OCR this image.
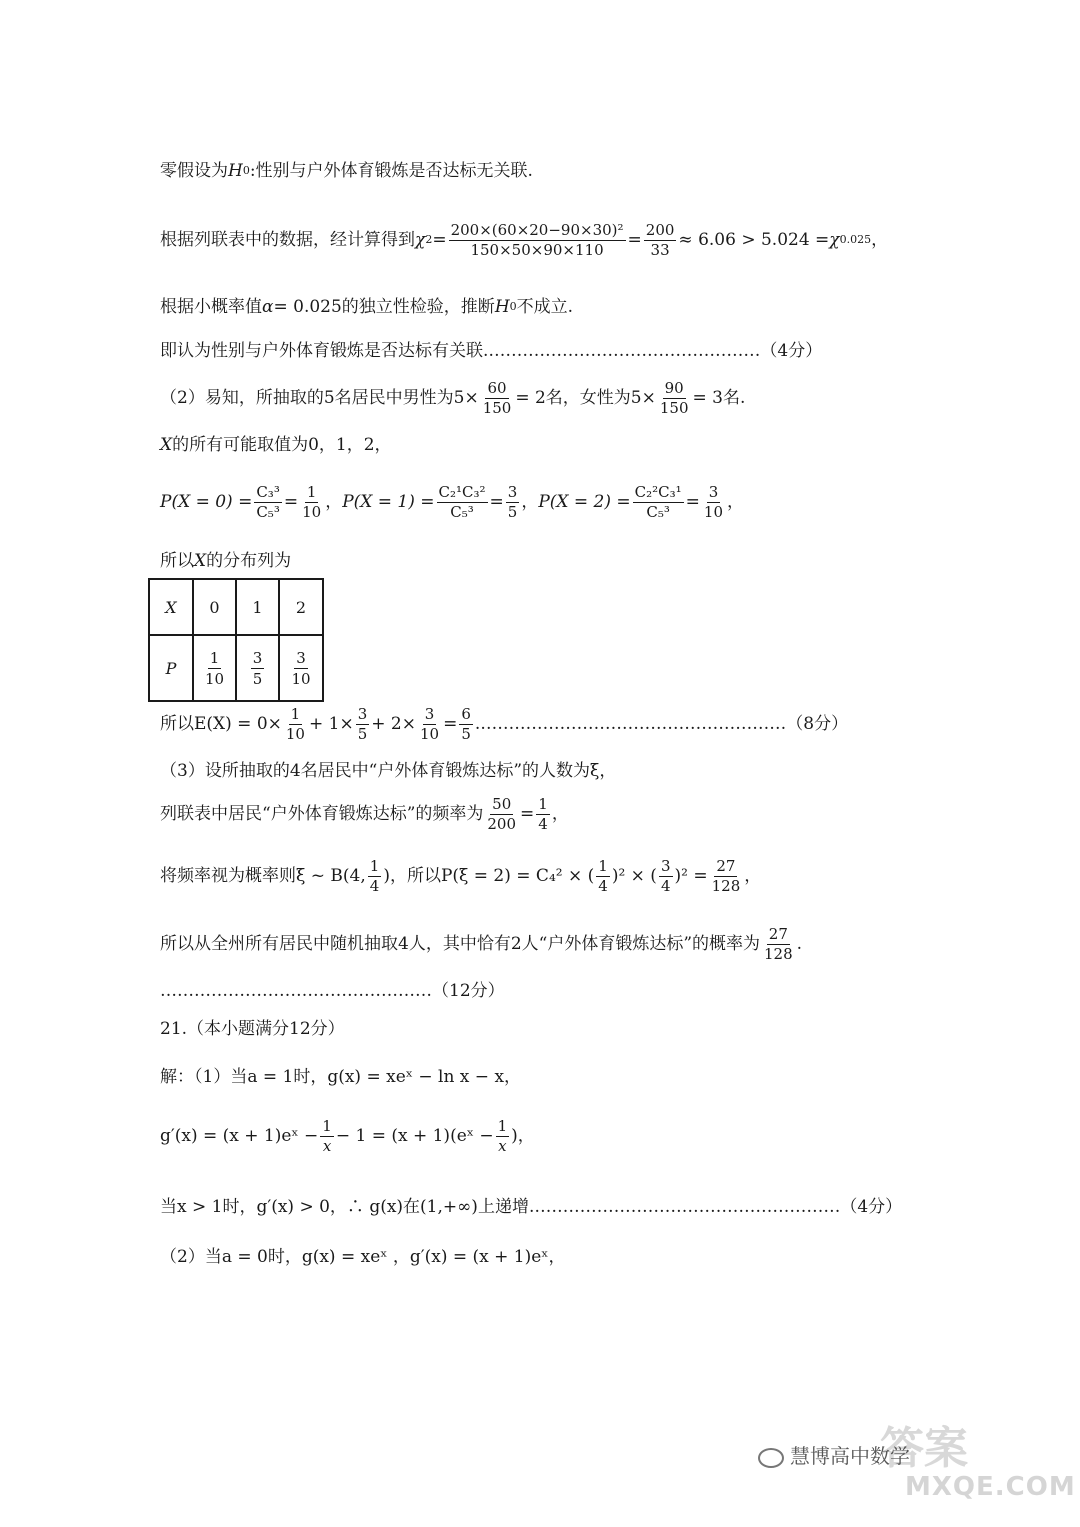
零假设为 H 0 :性别与户外体育锻炼是否达标无关联.
根据列联表中的数据，经计算得到 χ $2 = \frac{\text{200×(60×20−90×30)²}}{150\times 50\times 90\times 110} = \frac{200}{33} \approx 6.06 > 5.024 = \chi$ 0.025 ，
根据小概率值 α = 0.025的独立性检验，推断 H 0 不成立.
即认为性别与户外体育锻炼是否达标有关联. ………………………………………… （4分）
（2）易知，所抽取的5名居民中男性为$5\times \frac{60}{150} = 2$名，女性为$5\times \frac{90}{150} = 3$名.
X 的所有可能取值为0，1，2，
$P(X = 0) = \frac{\text{C₃³}}{\text{C₅³}} = \frac{1}{10}$ ， $P(X = 1) = \frac{\text{C₂¹C₃²}}{\text{C₅³}} = \frac{3}{5}$ ， $P(X = 2) = \frac{\text{C₂²C₃¹}}{\text{C₅³}} = \frac{3}{10}$ ，
所以 X 的分布列为
X	0	1	2
P	$\frac{1}{10}$	$\frac{3}{5}$	$\frac{3}{10}$
所以$E(X) = 0\times \frac{1}{10} + 1\times \frac{3}{5} + 2\times \frac{3}{10} = \frac{6}{5}$ . ……………………………………………… （8分）
（3）设所抽取的4名居民中“户外体育锻炼达标”的人数为ξ，
列联表中居民“户外体育锻炼达标”的频率为 $\frac{50}{200} = \frac{1}{4}$ ，
将频率视为概率则ξ ~ B(4, $\frac{1}{4}$ )，所以P(ξ = 2) = C₄² × ( $\frac{1}{4} )^2$ × ( $\frac{3}{4} )^2 = \frac{27}{128}$ ，
所以从全州所有居民中随机抽取4人，其中恰有2人“户外体育锻炼达标”的概率为 $\frac{27}{128}$ .
………………………………………… （12分）
21.（本小题满分12分）
解：（1）当a = 1时，g(x) = xeˣ − ln x − x，
g′(x) = (x + 1)eˣ − $\frac{1}{x} - 1 = (x$ + 1)(eˣ − $\frac{1}{x}$ )，
当x > 1时，g′(x) > 0，∴ g(x)在(1,+∞)上递增. ……………………………………………… （4分）
（2）当a = 0时，g(x) = xeˣ ，g′(x) = (x + 1)eˣ，
答案
慧博高中数学
MXQE.COM
